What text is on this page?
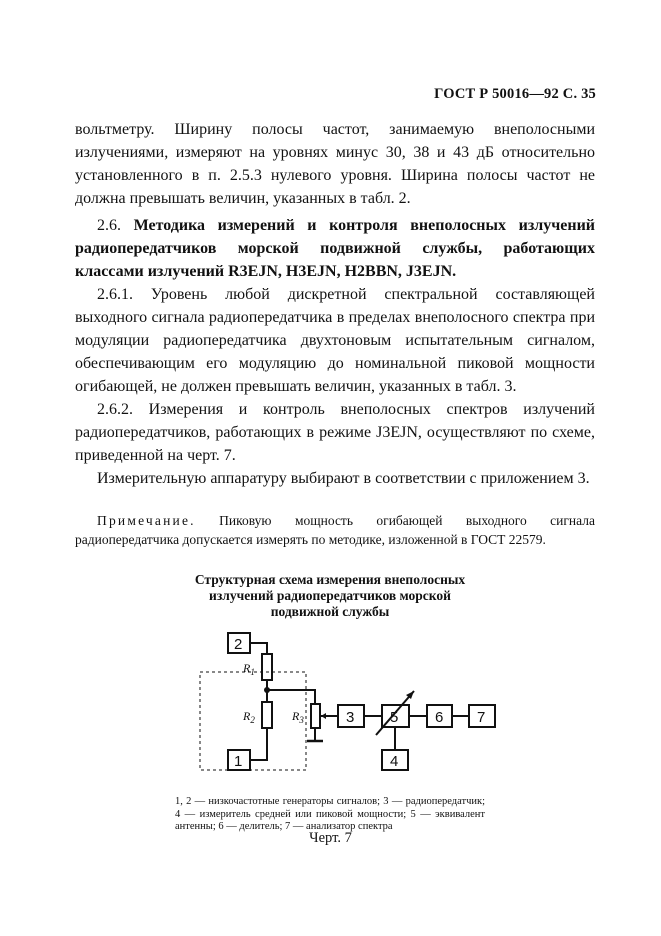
ГОСТ Р 50016—92 С. 35

вольтметру. Ширину полосы частот, занимаемую внеполосными излучениями, измеряют на уровнях минус 30, 38 и 43 дБ относительно установленного в п. 2.5.3 нулевого уровня. Ширина полосы частот не должна превышать величин, указанных в табл. 2.

2.6. Методика измерений и контроля внеполосных излучений радиопередатчиков морской подвижной службы, работающих классами излучений R3EJN, H3EJN, H2BBN, J3EJN.

2.6.1. Уровень любой дискретной спектральной составляющей выходного сигнала радиопередатчика в пределах внеполосного спектра при модуляции радиопередатчика двухтоновым испытательным сигналом, обеспечивающим его модуляцию до номинальной пиковой мощности огибающей, не должен превышать величин, указанных в табл. 3.

2.6.2. Измерения и контроль внеполосных спектров излучений радиопередатчиков, работающих в режиме J3EJN, осуществляют по схеме, приведенной на черт. 7.

Измерительную аппаратуру выбирают в соответствии с приложением 3.

Примечание. Пиковую мощность огибающей выходного сигнала радиопередатчика допускается измерять по методике, изложенной в ГОСТ 22579.
Структурная схема измерения внеполосных
излучений радиопередатчиков морской
подвижной службы
2
1
3 5
4
6 7
$R_1$
$R_2$	$R_3$
1, 2 — низкочастотные генераторы сигналов; 3 — радиопередатчик; 4 — измеритель средней или пиковой мощности; 5 — эквивалент антенны; 6 — делитель; 7 — анализатор спектра
Черт. 7
